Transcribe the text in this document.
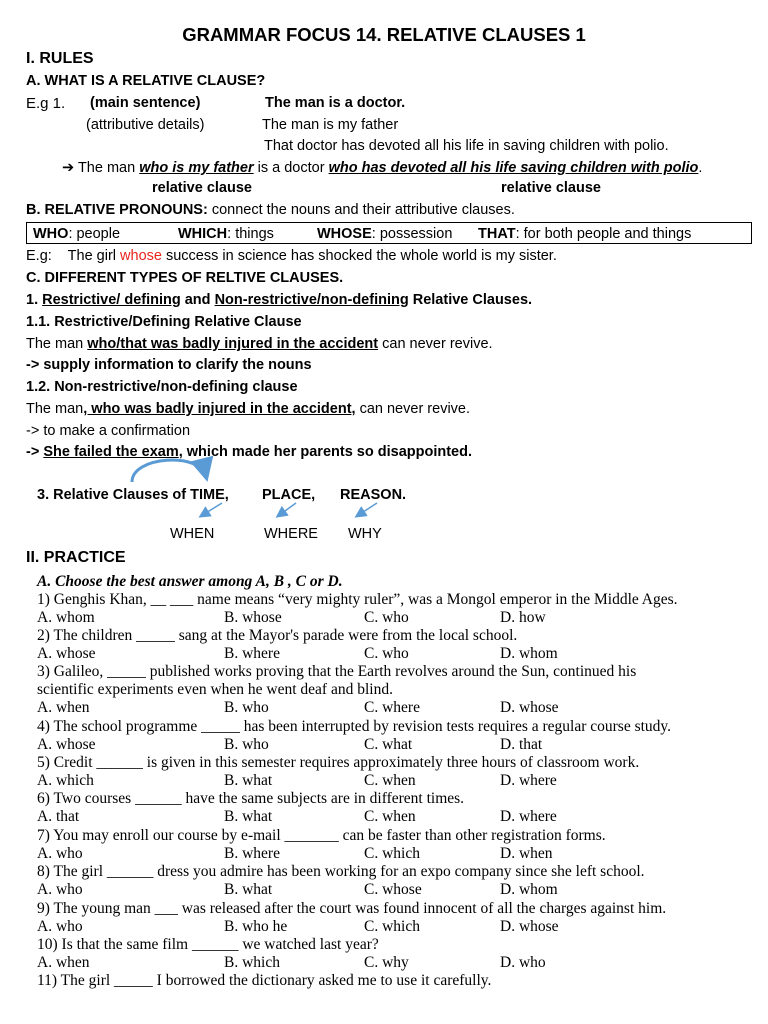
GRAMMAR FOCUS 14. RELATIVE CLAUSES 1
I. RULES
A. WHAT IS A RELATIVE CLAUSE?
E.g 1. (main sentence)	The man is a doctor.
(attributive details)	The man is my father
That doctor has devoted all his life in saving children with polio.
➔ The man who is my father is a doctor who has devoted all his life saving children with polio.
relative clause	relative clause
B. RELATIVE PRONOUNS: connect the nouns and their attributive clauses.
WHO: people	WHICH: things	WHOSE: possession THAT: for both people and things
E.g:    The girl whose success in science has shocked the whole world is my sister.
C. DIFFERENT TYPES OF RELTIVE CLAUSES.
1. Restrictive/ defining and Non-restrictive/non-defining Relative Clauses.
1.1. Restrictive/Defining Relative Clause
The man who/that was badly injured in the accident can never revive.
-> supply information to clarify the nouns
1.2. Non-restrictive/non-defining clause
The man, who was badly injured in the accident, can never revive.
-> to make a confirmation
-> She failed the exam, which made her parents so disappointed.
3. Relative Clauses of TIME, PLACE, REASON.
WHEN	WHERE WHY
II. PRACTICE
A. Choose the best answer among A, B , C or D.
1) Genghis Khan, __ ___ name means “very mighty ruler”, was a Mongol emperor in the Middle Ages.
A. whom	B. whose	C. who	D. how
2) The children _____ sang at the Mayor's parade were from the local school.
A. whose	B. where	C. who	D. whom
3) Galileo, _____ published works proving that the Earth revolves around the Sun, continued his
scientific experiments even when he went deaf and blind.
A. when	B. who	C. where	D. whose
4) The school programme _____ has been interrupted by revision tests requires a regular course study.
A. whose	B. who	C. what	D. that
5) Credit ______ is given in this semester requires approximately three hours of classroom work.
A. which	B. what	C. when	D. where
6) Two courses ______ have the same subjects are in different times.
A. that	B. what	C. when	D. where
7) You may enroll our course by e-mail _______ can be faster than other registration forms.
A. who	B. where	C. which	D. when
8) The girl ______ dress you admire has been working for an expo company since she left school.
A. who	B. what	C. whose	D. whom
9) The young man ___ was released after the court was found innocent of all the charges against him.
A. who	B. who he	C. which	D. whose
10) Is that the same film ______ we watched last year?
A. when	B. which	C. why	D. who
11) The girl _____ I borrowed the dictionary asked me to use it carefully.
